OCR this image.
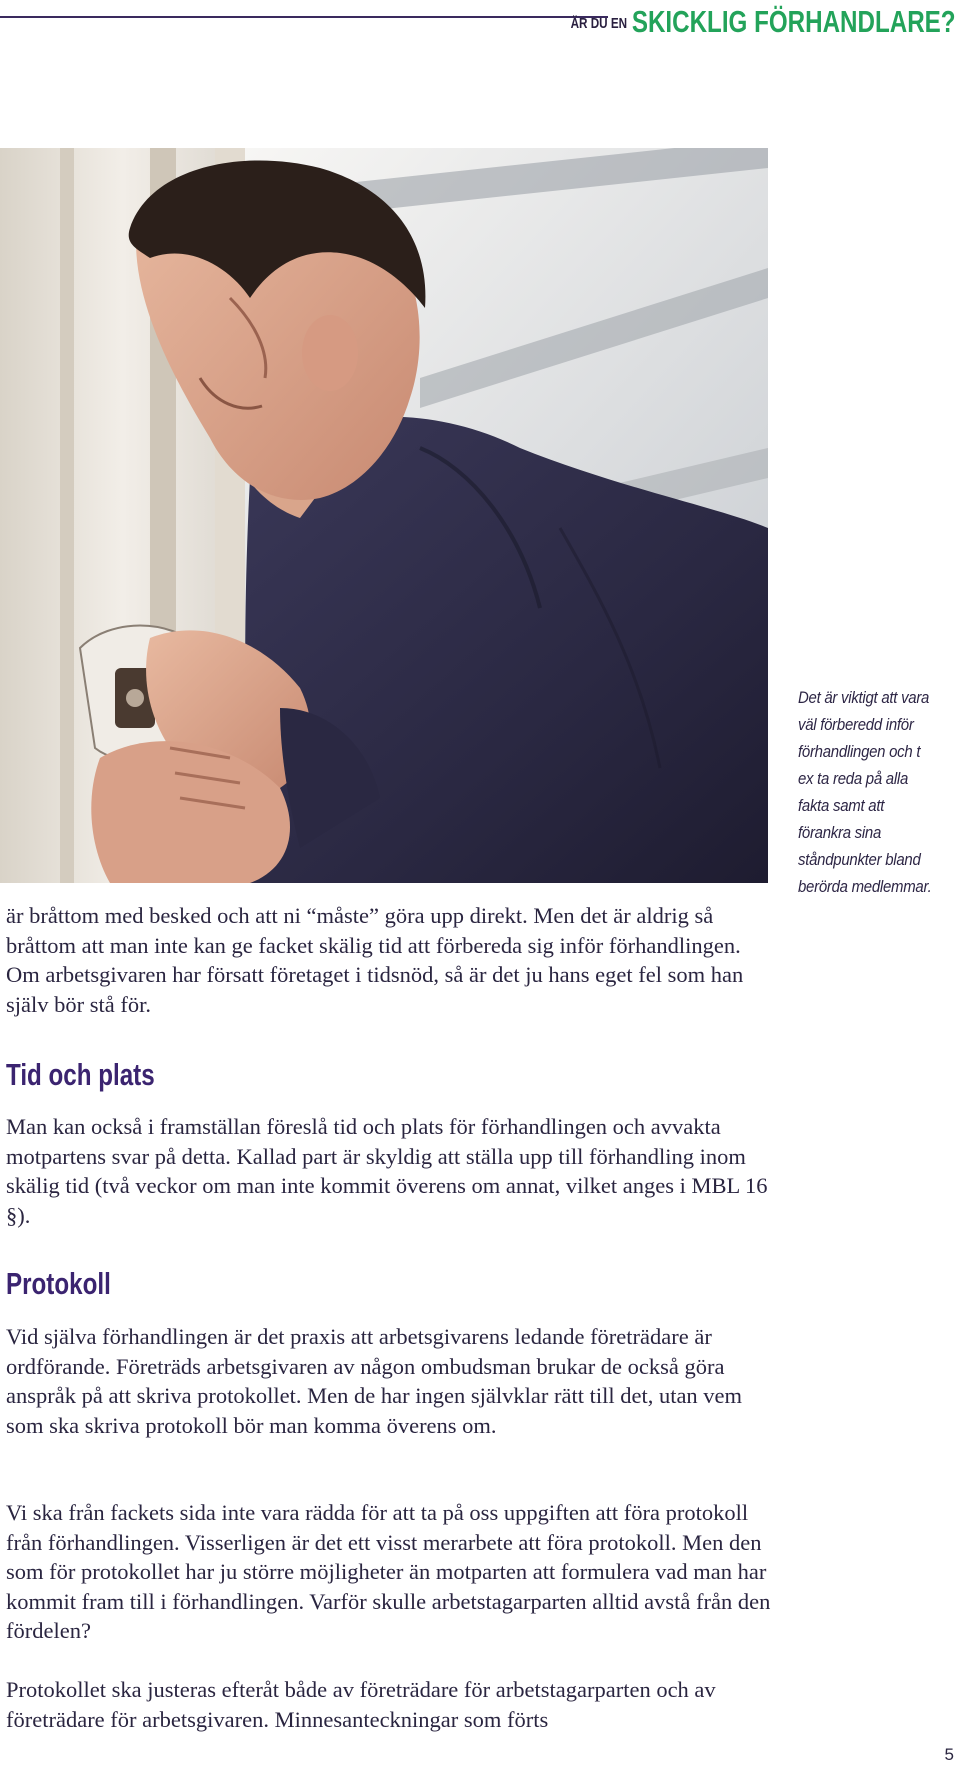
ÄR DU EN SKICKLIG FÖRHANDLARE?
Det är viktigt att vara väl förberedd inför förhandlingen och t ex ta reda på alla fakta samt att förankra sina ståndpunkter bland berörda medlemmar.

är bråttom med besked och att ni “måste” göra upp direkt. Men det är aldrig så bråttom att man inte kan ge facket skälig tid att förbereda sig inför förhandlingen. Om arbetsgivaren har försatt företaget i tidsnöd, så är det ju hans eget fel som han själv bör stå för.

Tid och plats

Man kan också i framställan föreslå tid och plats för förhandlingen och avvakta motpartens svar på detta. Kallad part är skyldig att ställa upp till förhandling inom skälig tid (två veckor om man inte kommit överens om annat, vilket anges i MBL 16 §).

Protokoll

Vid själva förhandlingen är det praxis att arbetsgivarens ledande företrädare är ordförande. Företräds arbetsgivaren av någon ombudsman brukar de också göra anspråk på att skriva protokollet. Men de har ingen självklar rätt till det, utan vem som ska skriva protokoll bör man komma överens om.

Vi ska från fackets sida inte vara rädda för att ta på oss uppgiften att föra protokoll från förhandlingen. Visserligen är det ett visst merarbete att föra protokoll. Men den som för protokollet har ju större möjligheter än motparten att formulera vad man har kommit fram till i förhandlingen. Varför skulle arbetstagarparten alltid avstå från den fördelen?

Protokollet ska justeras efteråt både av företrädare för arbetstagarparten och av företrädare för arbetsgivaren. Minnesanteckningar som förts

5
